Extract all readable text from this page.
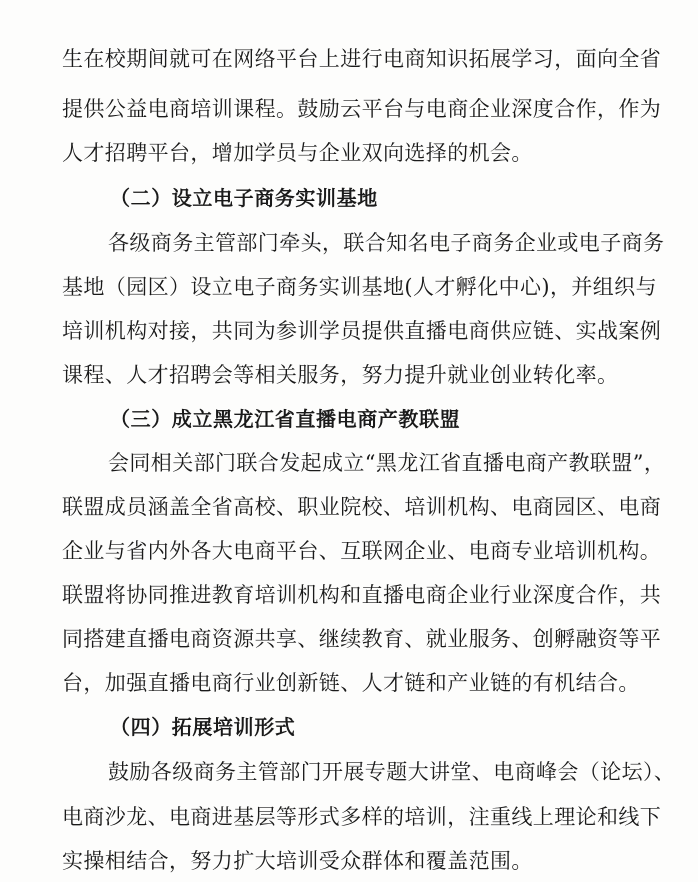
生在校期间就可在网络平台上进行电商知识拓展学习，面向全省
提供公益电商培训课程。鼓励云平台与电商企业深度合作，作为
人才招聘平台，增加学员与企业双向选择的机会。
（二）设立电子商务实训基地
各级商务主管部门牵头，联合知名电子商务企业或电子商务
基地（园区）设立电子商务实训基地(人才孵化中心)，并组织与
培训机构对接，共同为参训学员提供直播电商供应链、实战案例
课程、人才招聘会等相关服务，努力提升就业创业转化率。
（三）成立黑龙江省直播电商产教联盟
会同相关部门联合发起成立“黑龙江省直播电商产教联盟”，
联盟成员涵盖全省高校、职业院校、培训机构、电商园区、电商
企业与省内外各大电商平台、互联网企业、电商专业培训机构。
联盟将协同推进教育培训机构和直播电商企业行业深度合作，共
同搭建直播电商资源共享、继续教育、就业服务、创孵融资等平
台，加强直播电商行业创新链、人才链和产业链的有机结合。
（四）拓展培训形式
鼓励各级商务主管部门开展专题大讲堂、电商峰会（论坛）、
电商沙龙、电商进基层等形式多样的培训，注重线上理论和线下
实操相结合，努力扩大培训受众群体和覆盖范围。
